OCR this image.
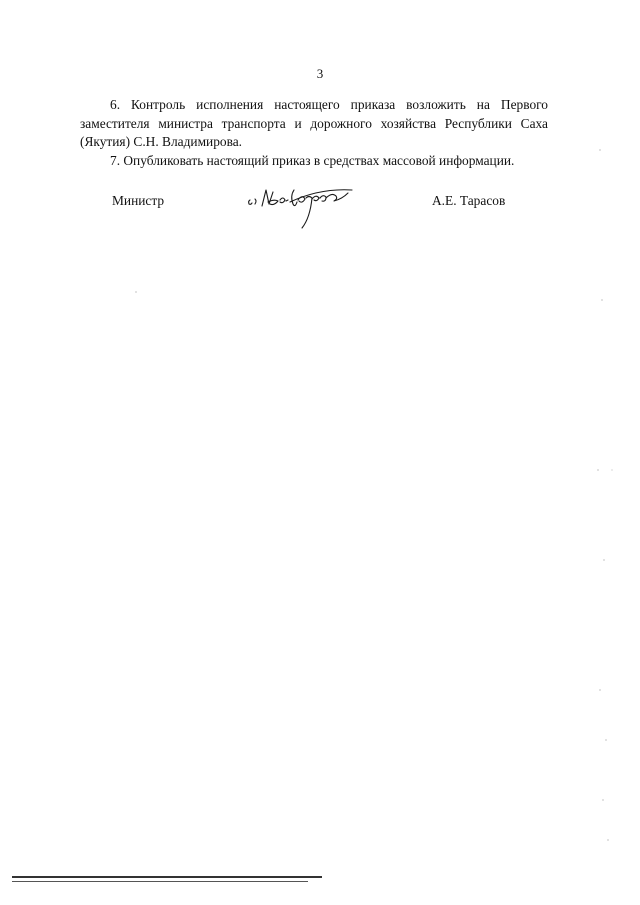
3

6. Контроль исполнения настоящего приказа возложить на Первого заместителя министра транспорта и дорожного хозяйства Республики Саха (Якутия) С.Н. Владимирова.

7. Опубликовать настоящий приказ в средствах массовой информации.

Министр	А.Е. Тарасов
